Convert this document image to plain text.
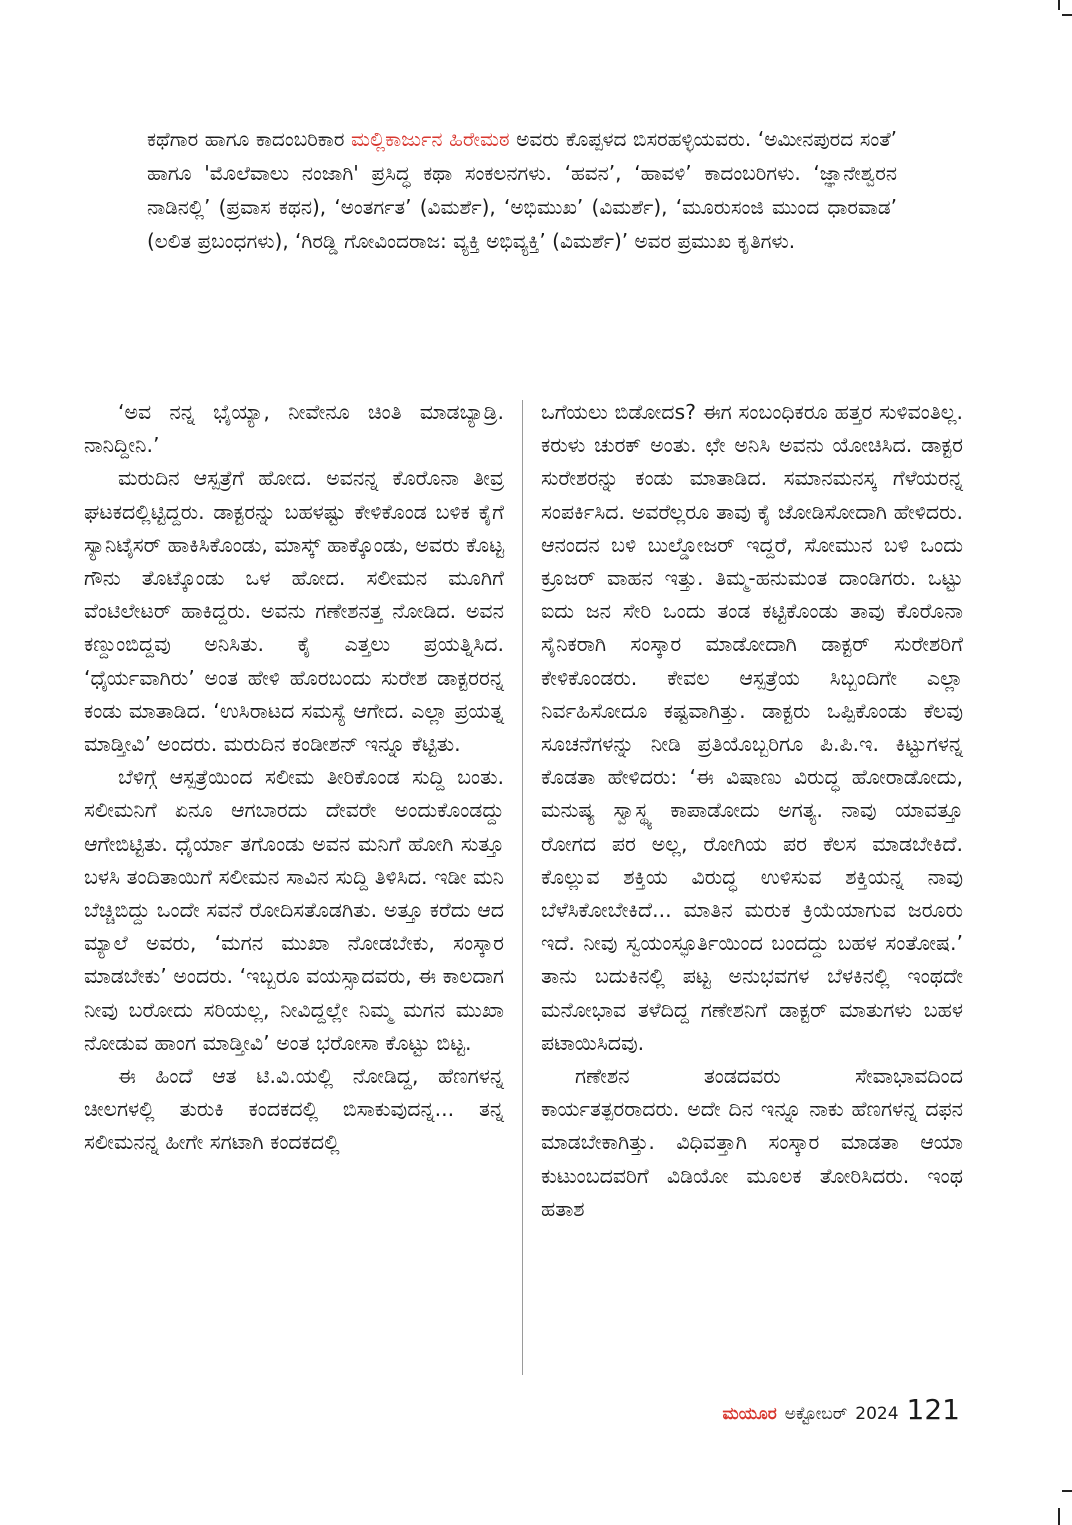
ಕಥೆಗಾರ ಹಾಗೂ ಕಾದಂಬರಿಕಾರ ಮಲ್ಲಿಕಾರ್ಜುನ ಹಿರೇಮಠ ಅವರು ಕೊಪ್ಪಳದ ಬಿಸರಹಳ್ಳಿಯವರು. ‘ಅಮೀನಪುರದ ಸಂತೆ’ ಹಾಗೂ 'ಮೊಲೆವಾಲು ನಂಜಾಗಿ' ಪ್ರಸಿದ್ಧ ಕಥಾ ಸಂಕಲನಗಳು. ‘ಹವನ’, ‘ಹಾವಳಿ’ ಕಾದಂಬರಿಗಳು. ‘ಜ್ಞಾನೇಶ್ವರನ ನಾಡಿನಲ್ಲಿ’ (ಪ್ರವಾಸ ಕಥನ), ‘ಅಂತರ್ಗತ’ (ವಿಮರ್ಶೆ), ‘ಅಭಿಮುಖ’ (ವಿಮರ್ಶೆ), ‘ಮೂರುಸಂಜಿ ಮುಂದ ಧಾರವಾಡ’ (ಲಲಿತ ಪ್ರಬಂಧಗಳು), ‘ಗಿರಡ್ಡಿ ಗೋವಿಂದರಾಜ: ವ್ಯಕ್ತಿ ಅಭಿವ್ಯಕ್ತಿ’ (ವಿಮರ್ಶೆ)’ ಅವರ ಪ್ರಮುಖ ಕೃತಿಗಳು.

‘ಅವ ನನ್ನ ಭೈಯ್ಯಾ, ನೀವೇನೂ ಚಿಂತಿ ಮಾಡಬ್ಯಾಡ್ರಿ. ನಾನಿದ್ದೀನಿ.’

ಮರುದಿನ ಆಸ್ಪತ್ರೆಗೆ ಹೋದ. ಅವನನ್ನ ಕೊರೊನಾ ತೀವ್ರ ಘಟಕದಲ್ಲಿಟ್ಟಿದ್ದರು. ಡಾಕ್ಟರನ್ನು ಬಹಳಷ್ಟು ಕೇಳಿಕೊಂಡ ಬಳಿಕ ಕೈಗೆ ಸ್ಯಾನಿಟೈಸರ್ ಹಾಕಿಸಿಕೊಂಡು, ಮಾಸ್ಕ್ ಹಾಕ್ಕೊಂಡು, ಅವರು ಕೊಟ್ಟ ಗೌನು ತೊಟ್ಕೊಂಡು ಒಳ ಹೋದ. ಸಲೀಮನ ಮೂಗಿಗೆ ವೆಂಟಿಲೇಟರ್ ಹಾಕಿದ್ದರು. ಅವನು ಗಣೇಶನತ್ತ ನೋಡಿದ. ಅವನ ಕಣ್ದುಂಬಿದ್ದವು ಅನಿಸಿತು. ಕೈ ಎತ್ತಲು ಪ್ರಯತ್ನಿಸಿದ. ‘ಧೈರ್ಯವಾಗಿರು’ ಅಂತ ಹೇಳಿ ಹೊರಬಂದು ಸುರೇಶ ಡಾಕ್ಟರರನ್ನ ಕಂಡು ಮಾತಾಡಿದ. ‘ಉಸಿರಾಟದ ಸಮಸ್ಯೆ ಆಗೇದ. ಎಲ್ಲಾ ಪ್ರಯತ್ನ ಮಾಡ್ತೀವಿ’ ಅಂದರು. ಮರುದಿನ ಕಂಡೀಶನ್ ಇನ್ನೂ ಕೆಟ್ಟಿತು.

ಬೆಳಿಗ್ಗೆ ಆಸ್ಪತ್ರೆಯಿಂದ ಸಲೀಮ ತೀರಿಕೊಂಡ ಸುದ್ದಿ ಬಂತು. ಸಲೀಮನಿಗೆ ಏನೂ ಆಗಬಾರದು ದೇವರೇ ಅಂದುಕೊಂಡದ್ದು ಆಗೇಬಿಟ್ಟಿತು. ಧೈರ್ಯಾ ತಗೊಂಡು ಅವನ ಮನಿಗೆ ಹೋಗಿ ಸುತ್ತೂ ಬಳಸಿ ತಂದಿತಾಯಿಗೆ ಸಲೀಮನ ಸಾವಿನ ಸುದ್ದಿ ತಿಳಿಸಿದ. ಇಡೀ ಮನಿ ಬೆಚ್ಚಿಬಿದ್ದು ಒಂದೇ ಸವನೆ ರೋದಿಸತೊಡಗಿತು. ಅತ್ತೂ ಕರೆದು ಆದ ಮ್ಯಾಲೆ ಅವರು, ‘ಮಗನ ಮುಖಾ ನೋಡಬೇಕು, ಸಂಸ್ಕಾರ ಮಾಡಬೇಕು’ ಅಂದರು. ‘ಇಬ್ಬರೂ ವಯಸ್ಸಾದವರು, ಈ ಕಾಲದಾಗ ನೀವು ಬರೋದು ಸರಿಯಲ್ಲ, ನೀವಿದ್ದಲ್ಲೇ ನಿಮ್ಮ ಮಗನ ಮುಖಾ ನೋಡುವ ಹಾಂಗ ಮಾಡ್ತೀವಿ’ ಅಂತ ಭರೋಸಾ ಕೊಟ್ಟು ಬಿಟ್ಟ.

ಈ ಹಿಂದೆ ಆತ ಟಿ.ವಿ.ಯಲ್ಲಿ ನೋಡಿದ್ದ, ಹೆಣಗಳನ್ನ ಚೀಲಗಳಲ್ಲಿ ತುರುಕಿ ಕಂದಕದಲ್ಲಿ ಬಿಸಾಕುವುದನ್ನ... ತನ್ನ ಸಲೀಮನನ್ನ ಹೀಗೇ ಸಗಟಾಗಿ ಕಂದಕದಲ್ಲಿ

ಒಗೆಯಲು ಬಿಡೋದs? ಈಗ ಸಂಬಂಧಿಕರೂ ಹತ್ತರ ಸುಳಿವಂತಿಲ್ಲ. ಕರುಳು ಚುರಕ್ ಅಂತು. ಛೇ ಅನಿಸಿ ಅವನು ಯೋಚಿಸಿದ. ಡಾಕ್ಟರ ಸುರೇಶರನ್ನು ಕಂಡು ಮಾತಾಡಿದ. ಸಮಾನಮನಸ್ಕ ಗೆಳೆಯರನ್ನ ಸಂಪರ್ಕಿಸಿದ. ಅವರೆಲ್ಲರೂ ತಾವು ಕೈ ಜೋಡಿಸೋದಾಗಿ ಹೇಳಿದರು. ಆನಂದನ ಬಳಿ ಬುಲ್ಡೋಜರ್ ಇದ್ದರೆ, ಸೋಮುನ ಬಳಿ ಒಂದು ಕ್ರೂಜರ್ ವಾಹನ ಇತ್ತು. ತಿಮ್ಮ-ಹನುಮಂತ ದಾಂಡಿಗರು. ಒಟ್ಟು ಐದು ಜನ ಸೇರಿ ಒಂದು ತಂಡ ಕಟ್ಟಿಕೊಂಡು ತಾವು ಕೊರೊನಾ ಸೈನಿಕರಾಗಿ ಸಂಸ್ಕಾರ ಮಾಡೋದಾಗಿ ಡಾಕ್ಟರ್ ಸುರೇಶರಿಗೆ ಕೇಳಿಕೊಂಡರು. ಕೇವಲ ಆಸ್ಪತ್ರೆಯ ಸಿಬ್ಬಂದಿಗೇ ಎಲ್ಲಾ ನಿರ್ವಹಿಸೋದೂ ಕಷ್ಟವಾಗಿತ್ತು. ಡಾಕ್ಟರು ಒಪ್ಪಿಕೊಂಡು ಕೆಲವು ಸೂಚನೆಗಳನ್ನು ನೀಡಿ ಪ್ರತಿಯೊಬ್ಬರಿಗೂ ಪಿ.ಪಿ.ಇ. ಕಿಟ್ಟುಗಳನ್ನ ಕೊಡತಾ ಹೇಳಿದರು: ‘ಈ ವಿಷಾಣು ವಿರುದ್ಧ ಹೋರಾಡೋದು, ಮನುಷ್ಯ ಸ್ವಾಸ್ಥ್ಯ ಕಾಪಾಡೋದು ಅಗತ್ಯ. ನಾವು ಯಾವತ್ತೂ ರೋಗದ ಪರ ಅಲ್ಲ, ರೋಗಿಯ ಪರ ಕೆಲಸ ಮಾಡಬೇಕಿದೆ. ಕೊಲ್ಲುವ ಶಕ್ತಿಯ ವಿರುದ್ಧ ಉಳಿಸುವ ಶಕ್ತಿಯನ್ನ ನಾವು ಬೆಳೆಸಿಕೋಬೇಕಿದೆ... ಮಾತಿನ ಮರುಕ ಕ್ರಿಯೆಯಾಗುವ ಜರೂರು ಇದೆ. ನೀವು ಸ್ವಯಂಸ್ಫೂರ್ತಿಯಿಂದ ಬಂದದ್ದು ಬಹಳ ಸಂತೋಷ.’ ತಾನು ಬದುಕಿನಲ್ಲಿ ಪಟ್ಟ ಅನುಭವಗಳ ಬೆಳಕಿನಲ್ಲಿ ಇಂಥದೇ ಮನೋಭಾವ ತಳೆದಿದ್ದ ಗಣೇಶನಿಗೆ ಡಾಕ್ಟರ್ ಮಾತುಗಳು ಬಹಳ ಪಟಾಯಿಸಿದವು.

ಗಣೇಶನ ತಂಡದವರು ಸೇವಾಭಾವದಿಂದ ಕಾರ್ಯತತ್ಪರರಾದರು. ಅದೇ ದಿನ ಇನ್ನೂ ನಾಕು ಹೆಣಗಳನ್ನ ದಫನ ಮಾಡಬೇಕಾಗಿತ್ತು. ವಿಧಿವತ್ತಾಗಿ ಸಂಸ್ಕಾರ ಮಾಡತಾ ಆಯಾ ಕುಟುಂಬದವರಿಗೆ ವಿಡಿಯೋ ಮೂಲಕ ತೋರಿಸಿದರು. ಇಂಥ ಹತಾಶ

ಮಯೂರ ಅಕ್ಟೋಬರ್ 2024 121
